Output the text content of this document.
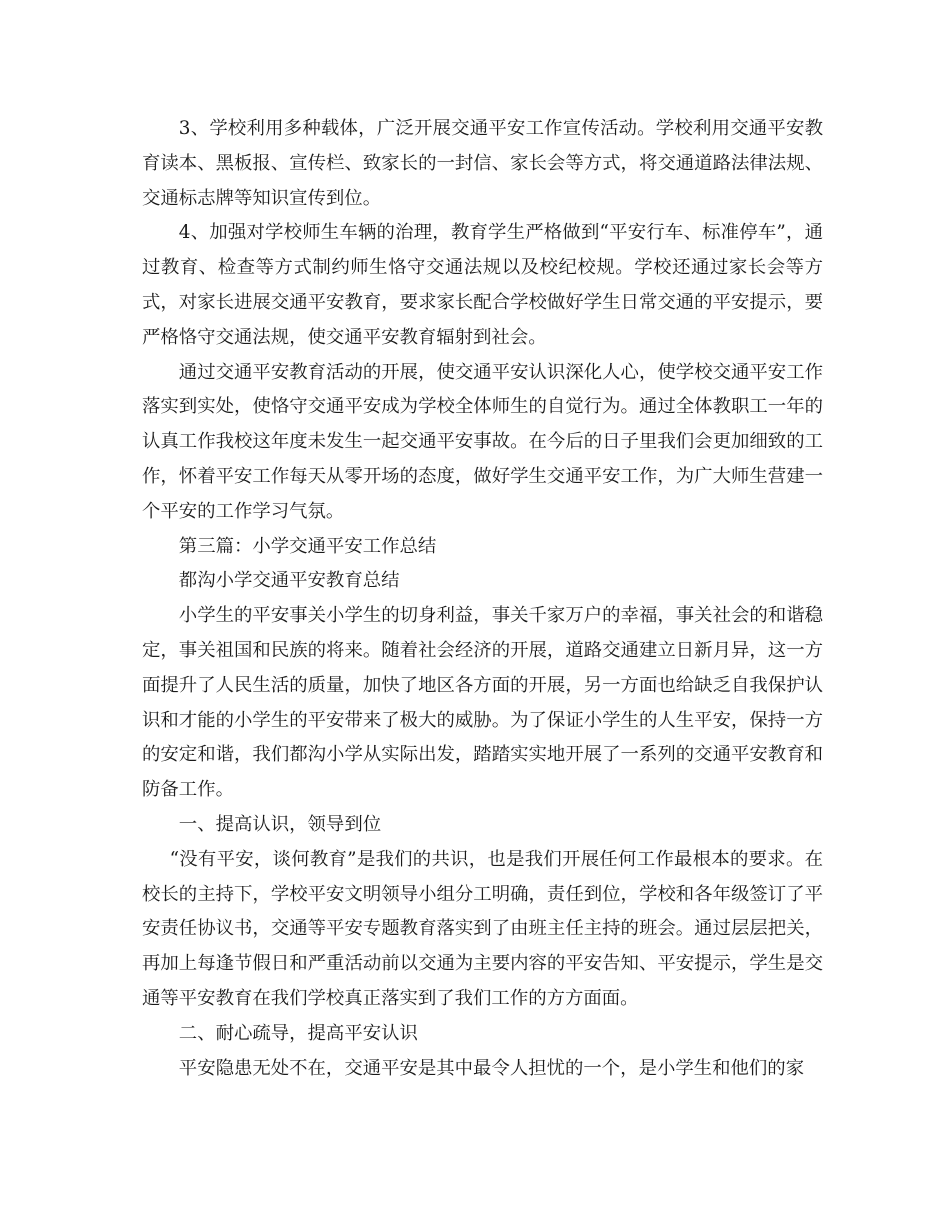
3、学校利用多种载体，广泛开展交通平安工作宣传活动。学校利用交通平安教育读本、黑板报、宣传栏、致家长的一封信、家长会等方式，将交通道路法律法规、交通标志牌等知识宣传到位。

4、加强对学校师生车辆的治理，教育学生严格做到“平安行车、标准停车”，通过教育、检查等方式制约师生恪守交通法规以及校纪校规。学校还通过家长会等方式，对家长进展交通平安教育，要求家长配合学校做好学生日常交通的平安提示，要严格恪守交通法规，使交通平安教育辐射到社会。

通过交通平安教育活动的开展，使交通平安认识深化人心，使学校交通平安工作落实到实处，使恪守交通平安成为学校全体师生的自觉行为。通过全体教职工一年的认真工作我校这年度未发生一起交通平安事故。在今后的日子里我们会更加细致的工作，怀着平安工作每天从零开场的态度，做好学生交通平安工作，为广大师生营建一个平安的工作学习气氛。

第三篇：小学交通平安工作总结

都沟小学交通平安教育总结

小学生的平安事关小学生的切身利益，事关千家万户的幸福，事关社会的和谐稳定，事关祖国和民族的将来。随着社会经济的开展，道路交通建立日新月异，这一方面提升了人民生活的质量，加快了地区各方面的开展，另一方面也给缺乏自我保护认识和才能的小学生的平安带来了极大的威胁。为了保证小学生的人生平安，保持一方的安定和谐，我们都沟小学从实际出发，踏踏实实地开展了一系列的交通平安教育和防备工作。

一、提高认识，领导到位

“没有平安，谈何教育”是我们的共识，也是我们开展任何工作最根本的要求。在校长的主持下，学校平安文明领导小组分工明确，责任到位，学校和各年级签订了平安责任协议书，交通等平安专题教育落实到了由班主任主持的班会。通过层层把关，再加上每逢节假日和严重活动前以交通为主要内容的平安告知、平安提示，学生是交通等平安教育在我们学校真正落实到了我们工作的方方面面。

二、耐心疏导，提高平安认识

平安隐患无处不在，交通平安是其中最令人担忧的一个，是小学生和他们的家
